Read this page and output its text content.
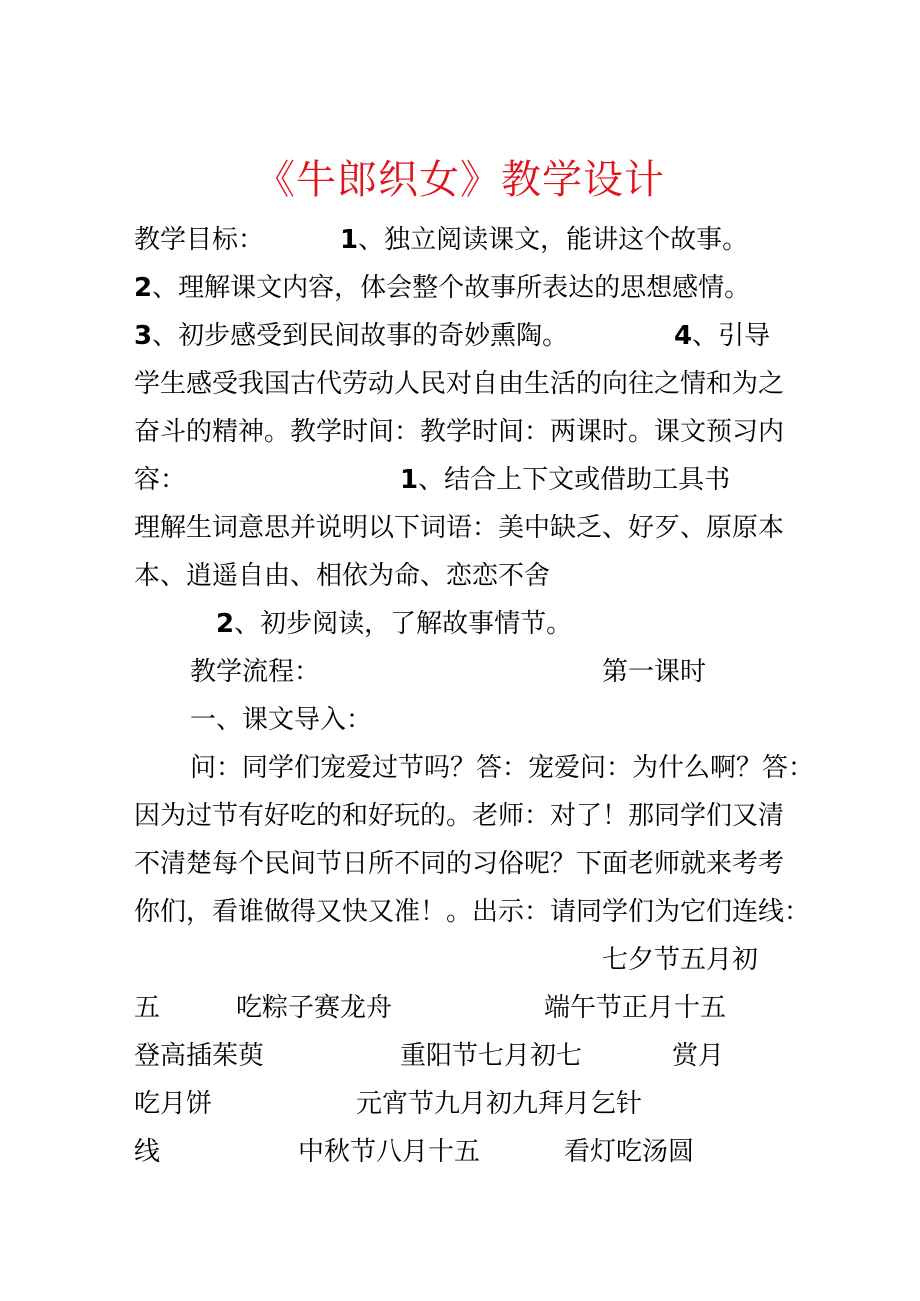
《牛郎织女》教学设计
教学目标：	1、独立阅读课文，能讲这个故事。
2、理解课文内容，体会整个故事所表达的思想感情。
3、初步感受到民间故事的奇妙熏陶。	4、引导
学生感受我国古代劳动人民对自由生活的向往之情和为之
奋斗的精神。教学时间：教学时间：两课时。课文预习内
容：	1、结合上下文或借助工具书
理解生词意思并说明以下词语：美中缺乏、好歹、原原本
本、逍遥自由、相依为命、恋恋不舍
2、初步阅读，了解故事情节。
教学流程：	第一课时
一、课文导入：
问：同学们宠爱过节吗？答：宠爱问：为什么啊？答：
因为过节有好吃的和好玩的。老师：对了！那同学们又清
不清楚每个民间节日所不同的习俗呢？下面老师就来考考
你们，看谁做得又快又准！。出示：请同学们为它们连线：
七夕节五月初
五	吃粽子赛龙舟	端午节正月十五
登高插茱萸	重阳节七月初七	赏月
吃月饼	元宵节九月初九拜月乞针
线	中秋节八月十五	看灯吃汤圆
